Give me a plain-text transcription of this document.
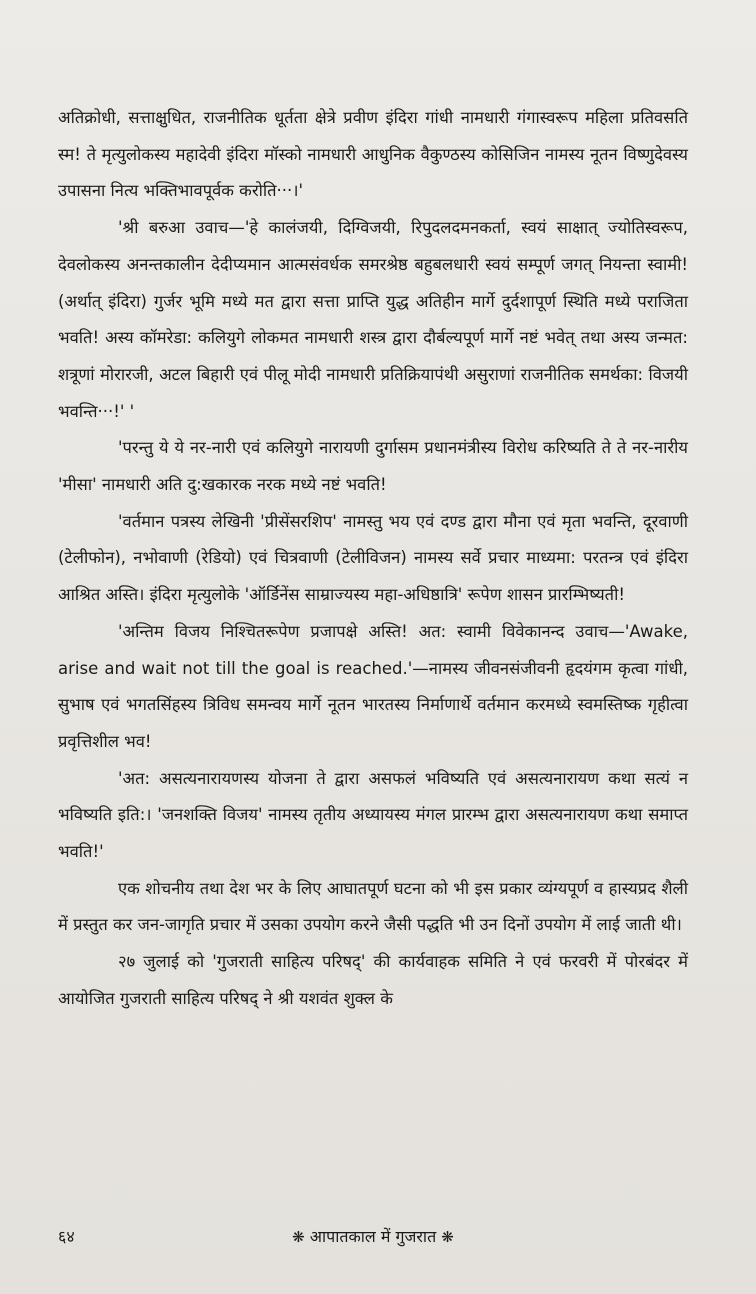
अतिक्रोधी, सत्ताक्षुधित, राजनीतिक धूर्तता क्षेत्रे प्रवीण इंदिरा गांधी नामधारी गंगास्वरूप महिला प्रतिवसति स्म! ते मृत्युलोकस्य महादेवी इंदिरा मॉस्को नामधारी आधुनिक वैकुण्ठस्य कोसिजिन नामस्य नूतन विष्णुदेवस्य उपासना नित्य भक्तिभावपूर्वक करोति···।'

'श्री बरुआ उवाच—'हे कालंजयी, दिग्विजयी, रिपुदलदमनकर्ता, स्वयं साक्षात् ज्योतिस्वरूप, देवलोकस्य अनन्तकालीन देदीप्यमान आत्मसंवर्धक समरश्रेष्ठ बहुबलधारी स्वयं सम्पूर्ण जगत् नियन्ता स्वामी! (अर्थात् इंदिरा) गुर्जर भूमि मध्ये मत द्वारा सत्ता प्राप्ति युद्ध अतिहीन मार्गे दुर्दशापूर्ण स्थिति मध्ये पराजिता भवति! अस्य कॉमरेडा: कलियुगे लोकमत नामधारी शस्त्र द्वारा दौर्बल्यपूर्ण मार्गे नष्टं भवेत् तथा अस्य जन्मत: शत्रूणां मोरारजी, अटल बिहारी एवं पीलू मोदी नामधारी प्रतिक्रियापंथी असुराणां राजनीतिक समर्थका: विजयी भवन्ति···!' '

'परन्तु ये ये नर-नारी एवं कलियुगे नारायणी दुर्गासम प्रधानमंत्रीस्य विरोध करिष्यति ते ते नर-नारीय 'मीसा' नामधारी अति दु:खकारक नरक मध्ये नष्टं भवति!

'वर्तमान पत्रस्य लेखिनी 'प्रीसेंसरशिप' नामस्तु भय एवं दण्ड द्वारा मौना एवं मृता भवन्ति, दूरवाणी (टेलीफोन), नभोवाणी (रेडियो) एवं चित्रवाणी (टेलीविजन) नामस्य सर्वे प्रचार माध्यमा: परतन्त्र एवं इंदिरा आश्रित अस्ति। इंदिरा मृत्युलोके 'ऑर्डिनेंस साम्राज्यस्य महा-अधिष्ठात्रि' रूपेण शासन प्रारम्भिष्यती!

'अन्तिम विजय निश्चितरूपेण प्रजापक्षे अस्ति! अत: स्वामी विवेकानन्द उवाच—'Awake, arise and wait not till the goal is reached.'—नामस्य जीवनसंजीवनी हृदयंगम कृत्वा गांधी, सुभाष एवं भगतसिंहस्य त्रिविध समन्वय मार्गे नूतन भारतस्य निर्माणार्थे वर्तमान करमध्ये स्वमस्तिष्क गृहीत्वा प्रवृत्तिशील भव!

'अत: असत्यनारायणस्य योजना ते द्वारा असफलं भविष्यति एवं असत्यनारायण कथा सत्यं न भविष्यति इति:। 'जनशक्ति विजय' नामस्य तृतीय अध्यायस्य मंगल प्रारम्भ द्वारा असत्यनारायण कथा समाप्त भवति!'

एक शोचनीय तथा देश भर के लिए आघातपूर्ण घटना को भी इस प्रकार व्यंग्यपूर्ण व हास्यप्रद शैली में प्रस्तुत कर जन-जागृति प्रचार में उसका उपयोग करने जैसी पद्धति भी उन दिनों उपयोग में लाई जाती थी।

२७ जुलाई को 'गुजराती साहित्य परिषद्' की कार्यवाहक समिति ने एवं फरवरी में पोरबंदर में आयोजित गुजराती साहित्य परिषद् ने श्री यशवंत शुक्ल के

६४	❋ आपातकाल में गुजरात ❋
